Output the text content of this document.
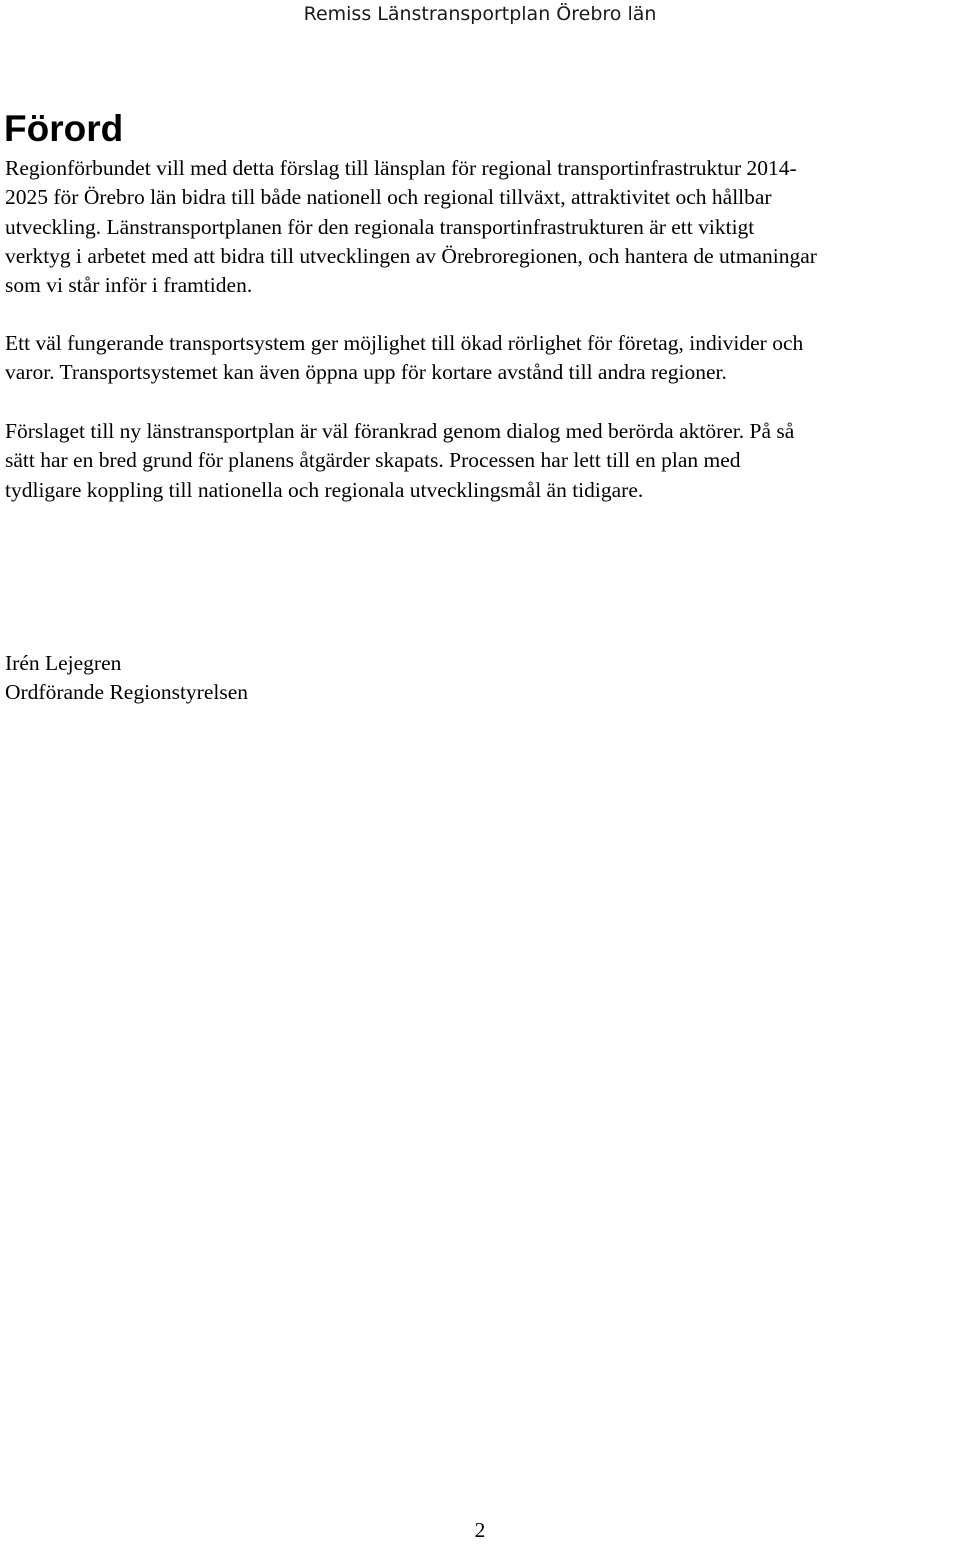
Remiss Länstransportplan Örebro län
Förord

Regionförbundet vill med detta förslag till länsplan för regional transportinfrastruktur 2014-
2025 för Örebro län bidra till både nationell och regional tillväxt, attraktivitet och hållbar
utveckling. Länstransportplanen för den regionala transportinfrastrukturen är ett viktigt
verktyg i arbetet med att bidra till utvecklingen av Örebroregionen, och hantera de utmaningar
som vi står inför i framtiden.

Ett väl fungerande transportsystem ger möjlighet till ökad rörlighet för företag, individer och
varor. Transportsystemet kan även öppna upp för kortare avstånd till andra regioner.

Förslaget till ny länstransportplan är väl förankrad genom dialog med berörda aktörer. På så
sätt har en bred grund för planens åtgärder skapats. Processen har lett till en plan med
tydligare koppling till nationella och regionala utvecklingsmål än tidigare.

Irén Lejegren
Ordförande Regionstyrelsen

2
